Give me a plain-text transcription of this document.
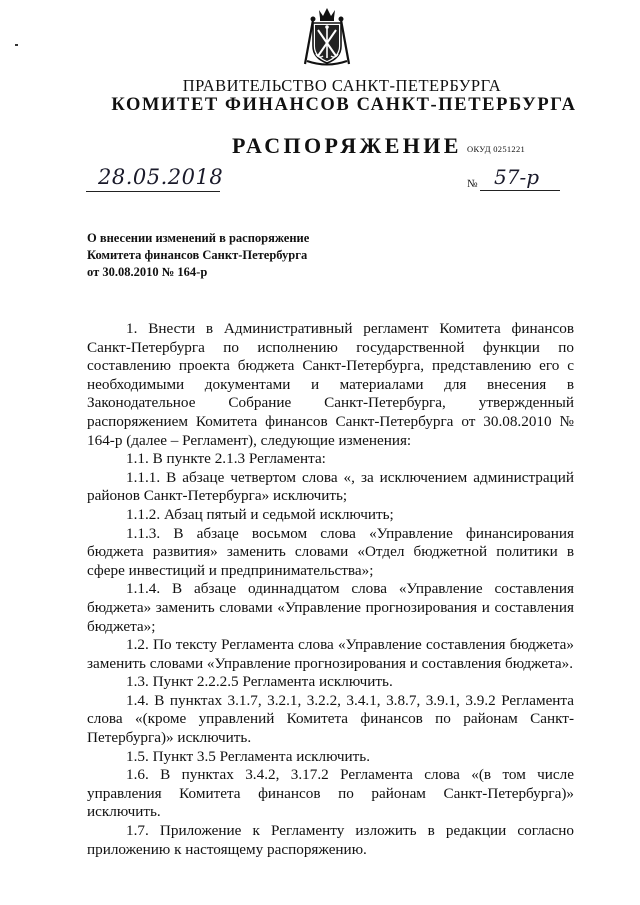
ПРАВИТЕЛЬСТВО САНКТ-ПЕТЕРБУРГА
КОМИТЕТ ФИНАНСОВ САНКТ-ПЕТЕРБУРГА
РАСПОРЯЖЕНИЕ ОКУД 0251221
28.05.2018	№ 57-р
О внесении изменений в распоряжение
Комитета финансов Санкт-Петербурга
от 30.08.2010 № 164-р

1. Внести в Административный регламент Комитета финансов Санкт-Петербурга по исполнению государственной функции по составлению проекта бюджета Санкт-Петербурга, представлению его с необходимыми документами и материалами для внесения в Законодательное Собрание Санкт-Петербурга, утвержденный распоряжением Комитета финансов Санкт-Петербурга от 30.08.2010 № 164-р (далее – Регламент), следующие изменения:

1.1. В пункте 2.1.3 Регламента:

1.1.1. В абзаце четвертом слова «, за исключением администраций районов Санкт-Петербурга» исключить;

1.1.2. Абзац пятый и седьмой исключить;

1.1.3. В абзаце восьмом слова «Управление финансирования бюджета развития» заменить словами «Отдел бюджетной политики в сфере инвестиций и предпринимательства»;

1.1.4. В абзаце одиннадцатом слова «Управление составления бюджета» заменить словами «Управление прогнозирования и составления бюджета»;

1.2. По тексту Регламента слова «Управление составления бюджета» заменить словами «Управление прогнозирования и составления бюджета».

1.3. Пункт 2.2.2.5 Регламента исключить.

1.4. В пунктах 3.1.7, 3.2.1, 3.2.2, 3.4.1, 3.8.7, 3.9.1, 3.9.2 Регламента слова «(кроме управлений Комитета финансов по районам Санкт-Петербурга)» исключить.

1.5. Пункт 3.5 Регламента исключить.

1.6. В пунктах 3.4.2, 3.17.2 Регламента слова «(в том числе управления Комитета финансов по районам Санкт-Петербурга)» исключить.

1.7. Приложение к Регламенту изложить в редакции согласно приложению к настоящему распоряжению.
